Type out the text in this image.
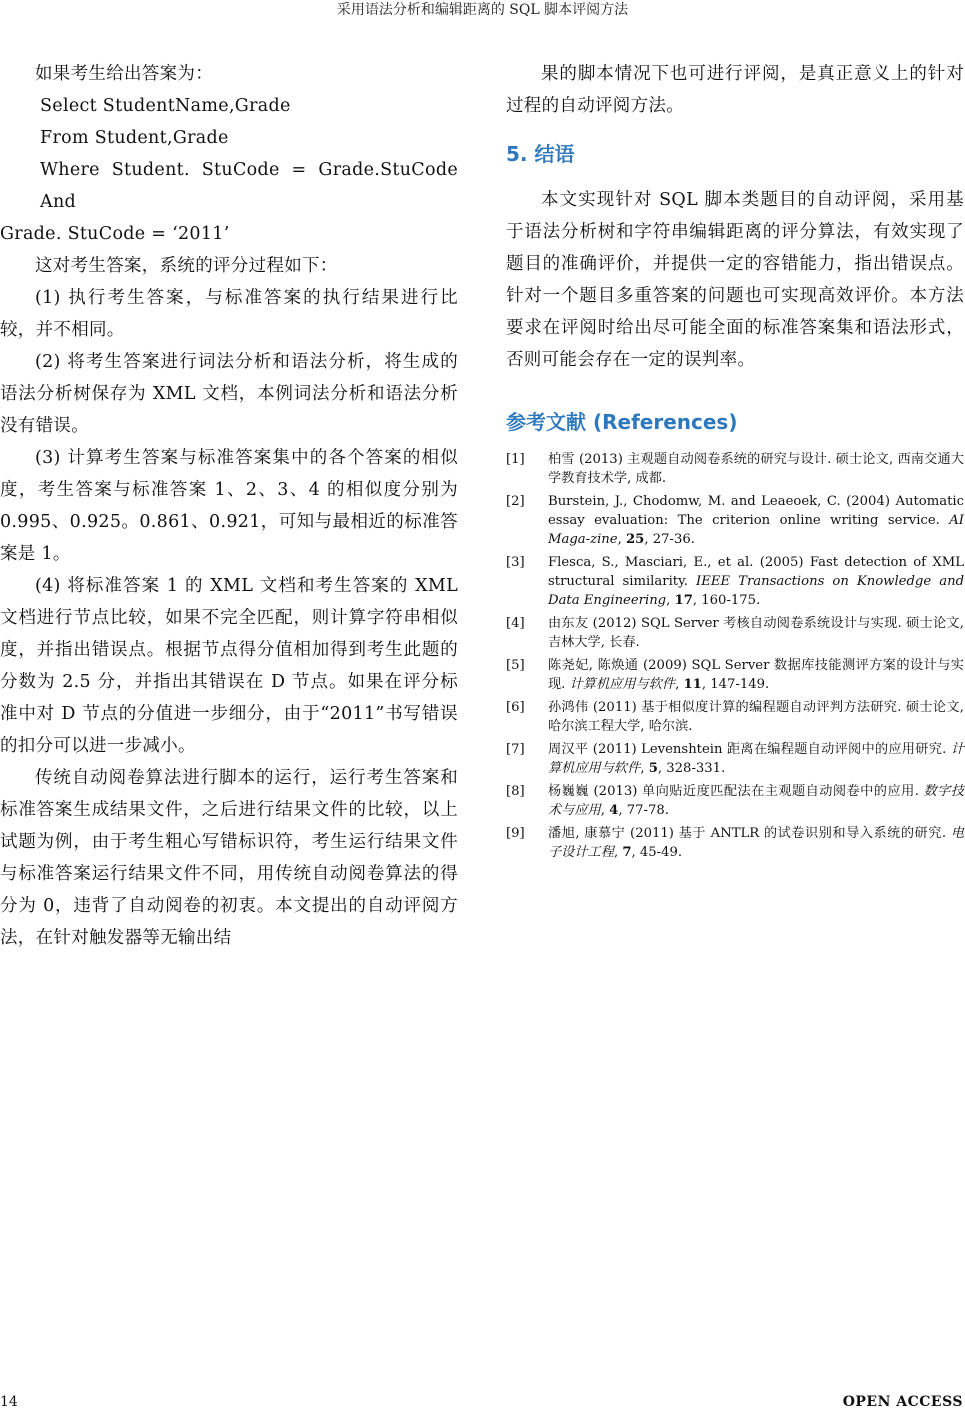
采用语法分析和编辑距离的 SQL 脚本评阅方法

如果考生给出答案为：

Select StudentName,Grade

From Student,Grade

Where Student. StuCode = Grade.StuCode And

Grade. StuCode = ‘2011’

这对考生答案，系统的评分过程如下：

(1) 执行考生答案，与标准答案的执行结果进行比较，并不相同。

(2) 将考生答案进行词法分析和语法分析，将生成的语法分析树保存为 XML 文档，本例词法分析和语法分析没有错误。

(3) 计算考生答案与标准答案集中的各个答案的相似度，考生答案与标准答案 1、2、3、4 的相似度分别为 0.995、0.925。0.861、0.921，可知与最相近的标准答案是 1。

(4) 将标准答案 1 的 XML 文档和考生答案的 XML 文档进行节点比较，如果不完全匹配，则计算字符串相似度，并指出错误点。根据节点得分值相加得到考生此题的分数为 2.5 分，并指出其错误在 D 节点。如果在评分标准中对 D 节点的分值进一步细分，由于“2011”书写错误的扣分可以进一步减小。

传统自动阅卷算法进行脚本的运行，运行考生答案和标准答案生成结果文件，之后进行结果文件的比较，以上试题为例，由于考生粗心写错标识符，考生运行结果文件与标准答案运行结果文件不同，用传统自动阅卷算法的得分为 0，违背了自动阅卷的初衷。本文提出的自动评阅方法，在针对触发器等无输出结

果的脚本情况下也可进行评阅，是真正意义上的针对过程的自动评阅方法。

5. 结语

本文实现针对 SQL 脚本类题目的自动评阅，采用基于语法分析树和字符串编辑距离的评分算法，有效实现了题目的准确评价，并提供一定的容错能力，指出错误点。针对一个题目多重答案的问题也可实现高效评价。本方法要求在评阅时给出尽可能全面的标准答案集和语法形式，否则可能会存在一定的误判率。

参考文献 (References)
[1]	柏雪 (2013) 主观题自动阅卷系统的研究与设计. 硕士论文, 西南交通大学教育技术学, 成都.
[2]	Burstein, J., Chodomw, M. and Leaeoek, C. (2004) Automatic essay evaluation: The criterion online writing service. AI Maga-zine, 25, 27-36.
[3]	Flesca, S., Masciari, E., et al. (2005) Fast detection of XML structural similarity. IEEE Transactions on Knowledge and Data Engineering, 17, 160-175.
[4]	由东友 (2012) SQL Server 考核自动阅卷系统设计与实现. 硕士论文, 吉林大学, 长春.
[5]	陈尧妃, 陈焕通 (2009) SQL Server 数据库技能测评方案的设计与实现. 计算机应用与软件, 11, 147-149.
[6]	孙鸿伟 (2011) 基于相似度计算的编程题自动评判方法研究. 硕士论文, 哈尔滨工程大学, 哈尔滨.
[7]	周汉平 (2011) Levenshtein 距离在编程题自动评阅中的应用研究. 计算机应用与软件, 5, 328-331.
[8]	杨巍巍 (2013) 单向贴近度匹配法在主观题自动阅卷中的应用. 数字技术与应用, 4, 77-78.
[9]	潘旭, 康慕宁 (2011) 基于 ANTLR 的试卷识别和导入系统的研究. 电子设计工程, 7, 45-49.
14	OPEN ACCESS
